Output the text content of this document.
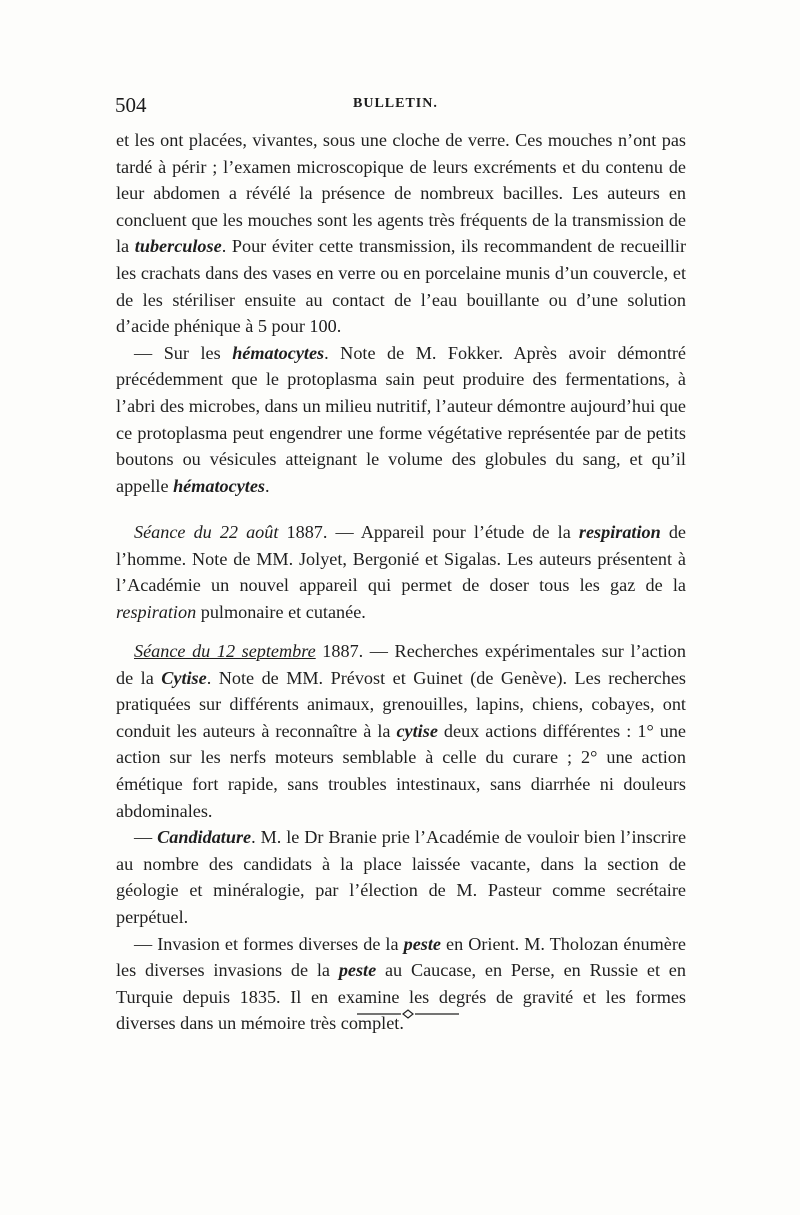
504	BULLETIN.

et les ont placées, vivantes, sous une cloche de verre. Ces mouches n’ont pas tardé à périr ; l’examen microscopique de leurs excréments et du contenu de leur abdomen a révélé la présence de nombreux bacilles. Les auteurs en concluent que les mouches sont les agents très fréquents de la transmission de la tuberculose. Pour éviter cette transmission, ils recommandent de recueillir les crachats dans des vases en verre ou en porcelaine munis d’un couvercle, et de les stériliser ensuite au contact de l’eau bouillante ou d’une solution d’acide phénique à 5 pour 100.

— Sur les hématocytes. Note de M. Fokker. Après avoir démontré précédemment que le protoplasma sain peut produire des fermentations, à l’abri des microbes, dans un milieu nutritif, l’auteur démontre aujourd’hui que ce protoplasma peut engendrer une forme végétative représentée par de petits boutons ou vésicules atteignant le volume des globules du sang, et qu’il appelle hématocytes.

Séance du 22 août 1887. — Appareil pour l’étude de la respiration de l’homme. Note de MM. Jolyet, Bergonié et Sigalas. Les auteurs présentent à l’Académie un nouvel appareil qui permet de doser tous les gaz de la respiration pulmonaire et cutanée.

Séance du 12 septembre 1887. — Recherches expérimentales sur l’action de la Cytise. Note de MM. Prévost et Guinet (de Genève). Les recherches pratiquées sur différents animaux, grenouilles, lapins, chiens, cobayes, ont conduit les auteurs à reconnaître à la cytise deux actions différentes : 1° une action sur les nerfs moteurs semblable à celle du curare ; 2° une action émétique fort rapide, sans troubles intestinaux, sans diarrhée ni douleurs abdominales.

— Candidature. M. le Dr Branie prie l’Académie de vouloir bien l’inscrire au nombre des candidats à la place laissée vacante, dans la section de géologie et minéralogie, par l’élection de M. Pasteur comme secrétaire perpétuel.

— Invasion et formes diverses de la peste en Orient. M. Tholozan énumère les diverses invasions de la peste au Caucase, en Perse, en Russie et en Turquie depuis 1835. Il en examine les degrés de gravité et les formes diverses dans un mémoire très complet.
